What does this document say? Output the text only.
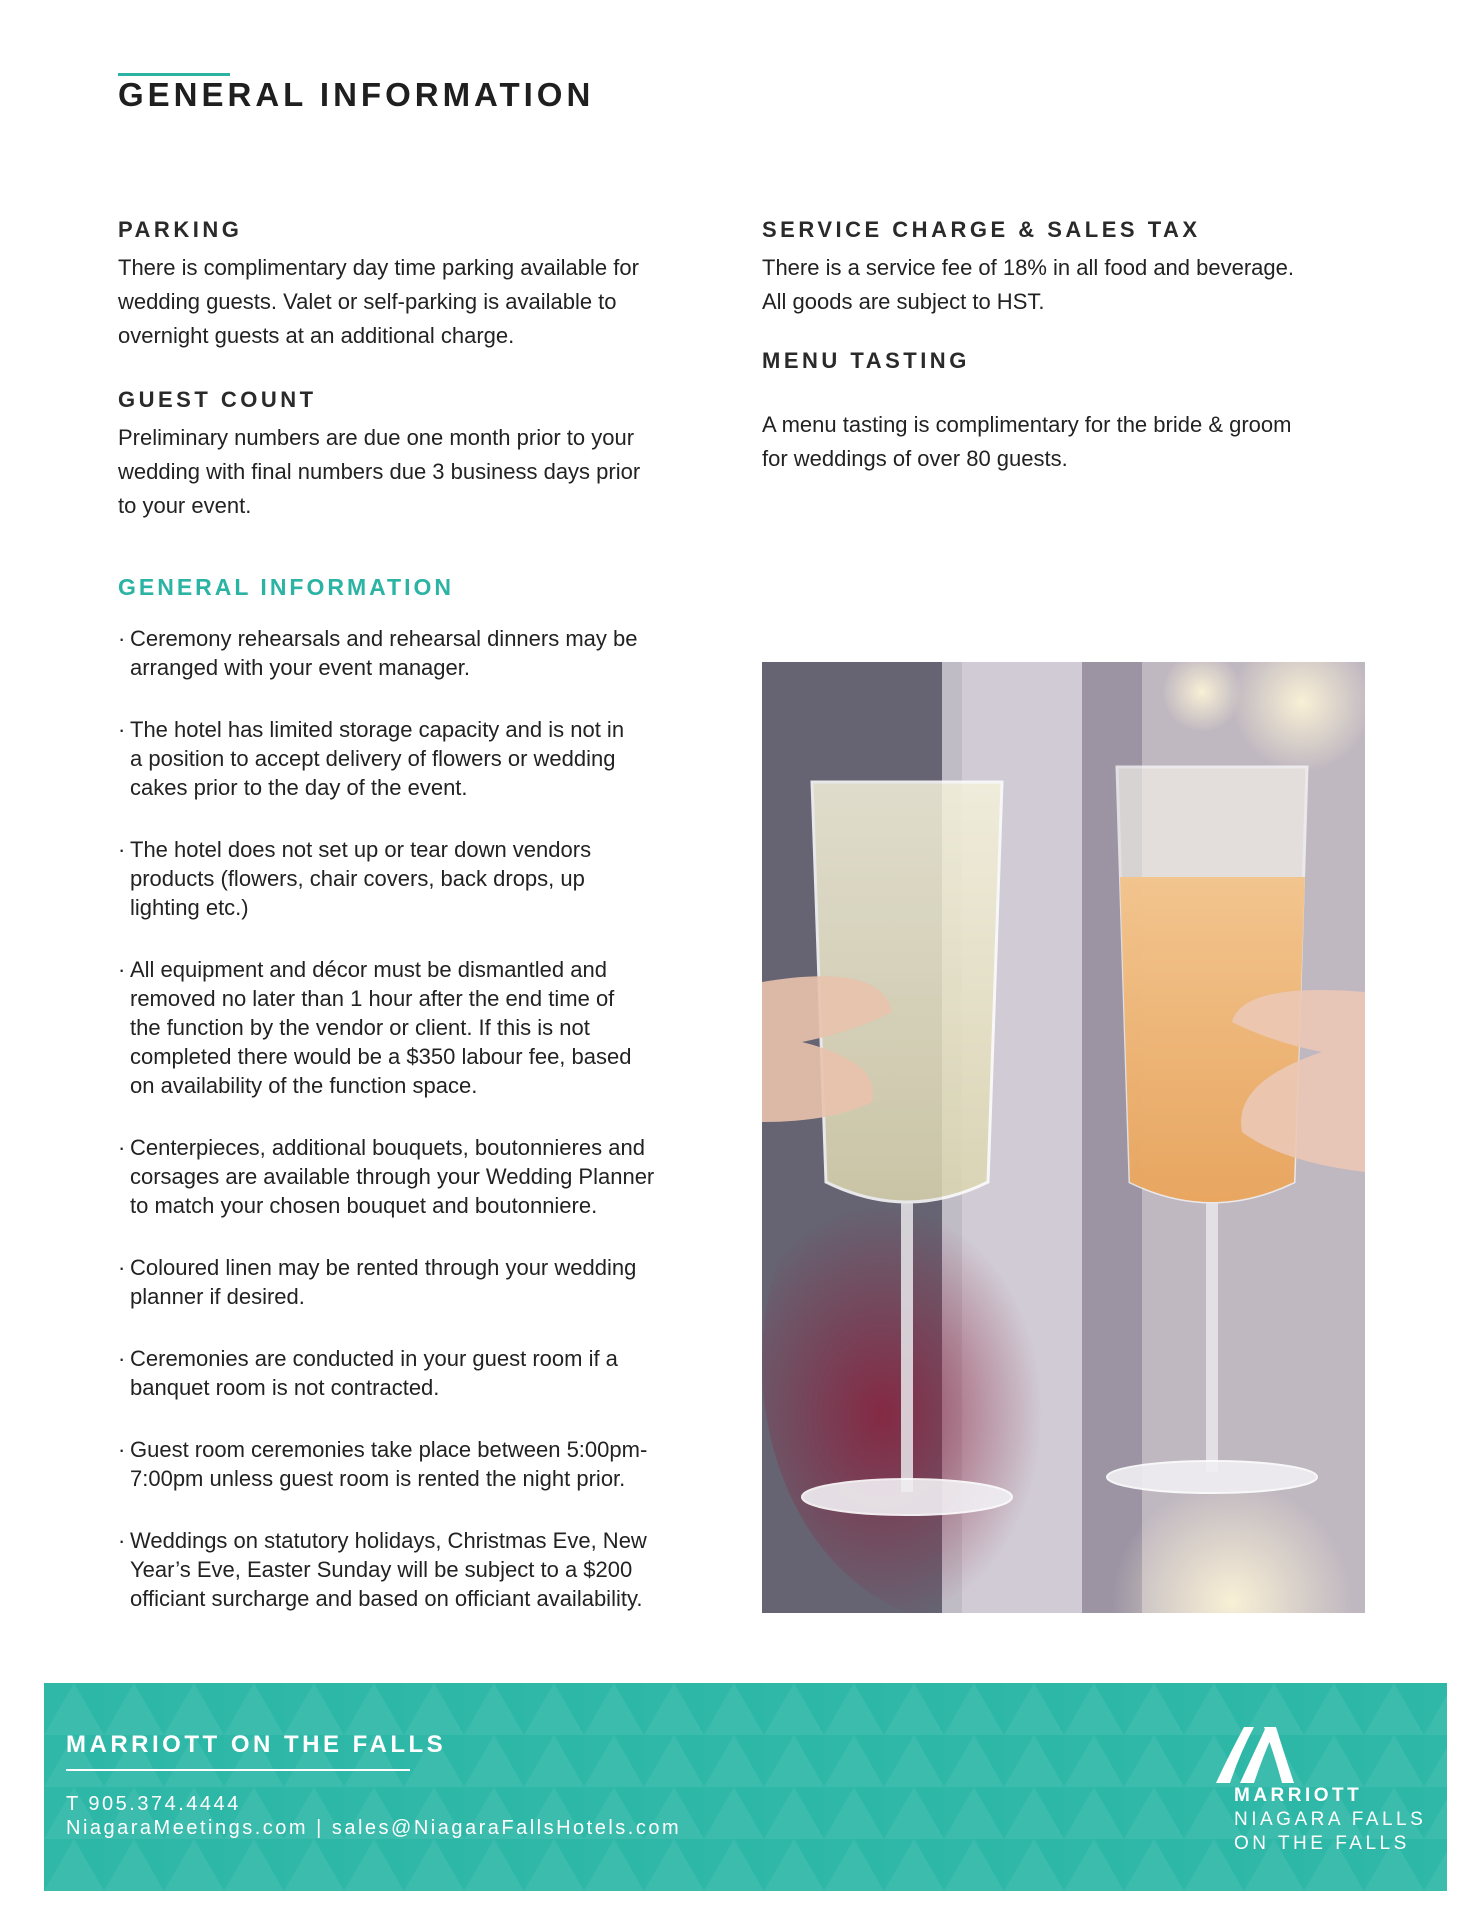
GENERAL INFORMATION
PARKING

There is complimentary day time parking available for
wedding guests. Valet or self-parking is available to
overnight guests at an additional charge.

GUEST COUNT

Preliminary numbers are due one month prior to your
wedding with final numbers due 3 business days prior
to your event.

SERVICE CHARGE & SALES TAX

There is a service fee of 18% in all food and beverage.
All goods are subject to HST.

MENU TASTING

A menu tasting is complimentary for the bride & groom
for weddings of over 80 guests.

GENERAL INFORMATION
· Ceremony rehearsals and rehearsal dinners may be
arranged with your event manager.
· The hotel has limited storage capacity and is not in
a position to accept delivery of flowers or wedding
cakes prior to the day of the event.
· The hotel does not set up or tear down vendors
products (flowers, chair covers, back drops, up
lighting etc.)
· All equipment and décor must be dismantled and
removed no later than 1 hour after the end time of
the function by the vendor or client. If this is not
completed there would be a $350 labour fee, based
on availability of the function space.
· Centerpieces, additional bouquets, boutonnieres and
corsages are available through your Wedding Planner
to match your chosen bouquet and boutonniere.
· Coloured linen may be rented through your wedding
planner if desired.
· Ceremonies are conducted in your guest room if a
banquet room is not contracted.
· Guest room ceremonies take place between 5:00pm-
7:00pm unless guest room is rented the night prior.
· Weddings on statutory holidays, Christmas Eve, New
Year’s Eve, Easter Sunday will be subject to a $200
officiant surcharge and based on officiant availability.
MARRIOTT ON THE FALLS

T 905.374.4444

NiagaraMeetings.com | sales@NiagaraFallsHotels.com

MARRIOTT

NIAGARA FALLS

ON THE FALLS
